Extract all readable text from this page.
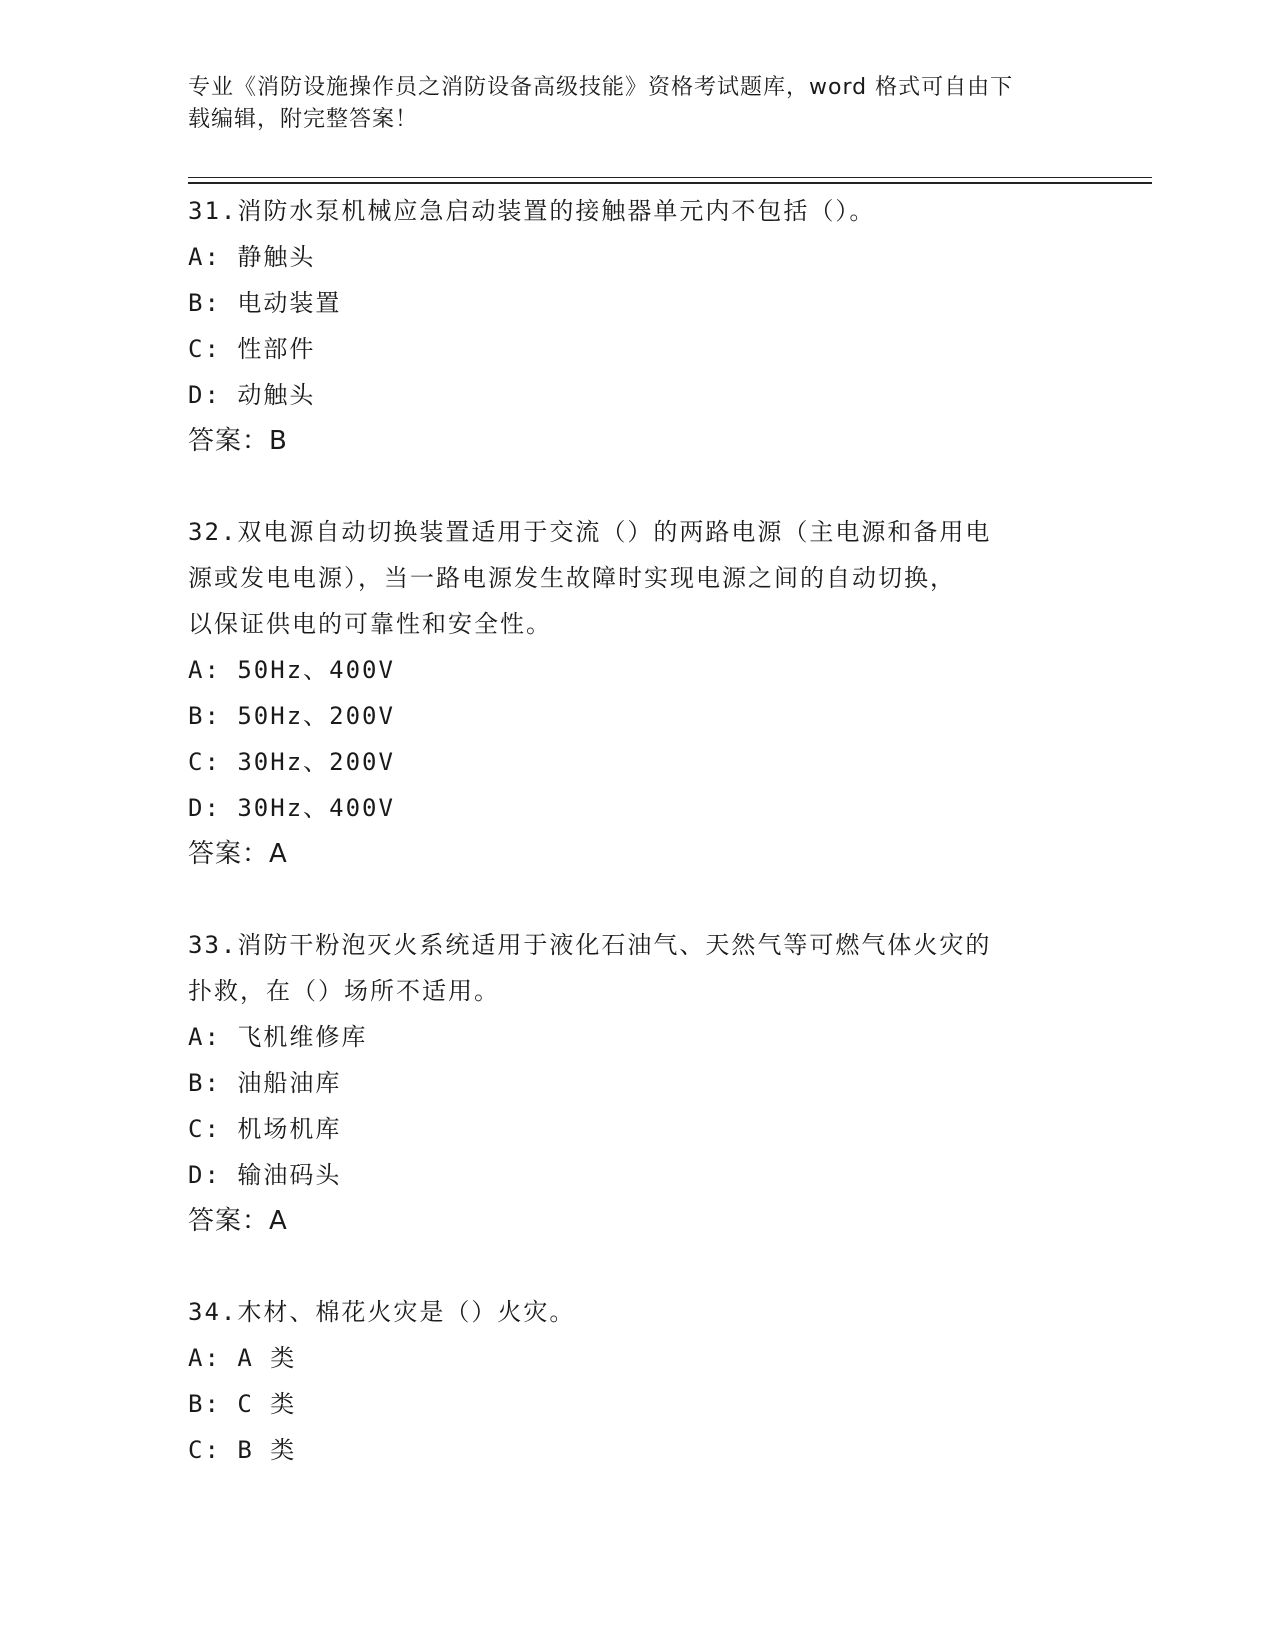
专业《消防设施操作员之消防设备高级技能》资格考试题库，word 格式可自由下
载编辑，附完整答案！

31.消防水泵机械应急启动装置的接触器单元内不包括（）。

A: 静触头

B: 电动装置

C: 性部件

D: 动触头

答案：B

32.双电源自动切换装置适用于交流（）的两路电源（主电源和备用电

源或发电电源），当一路电源发生故障时实现电源之间的自动切换，

以保证供电的可靠性和安全性。

A: 50Hz、400V

B: 50Hz、200V

C: 30Hz、200V

D: 30Hz、400V

答案：A

33.消防干粉泡灭火系统适用于液化石油气、天然气等可燃气体火灾的

扑救，在（）场所不适用。

A: 飞机维修库

B: 油船油库

C: 机场机库

D: 输油码头

答案：A

34.木材、棉花火灾是（）火灾。

A: A 类

B: C 类

C: B 类
